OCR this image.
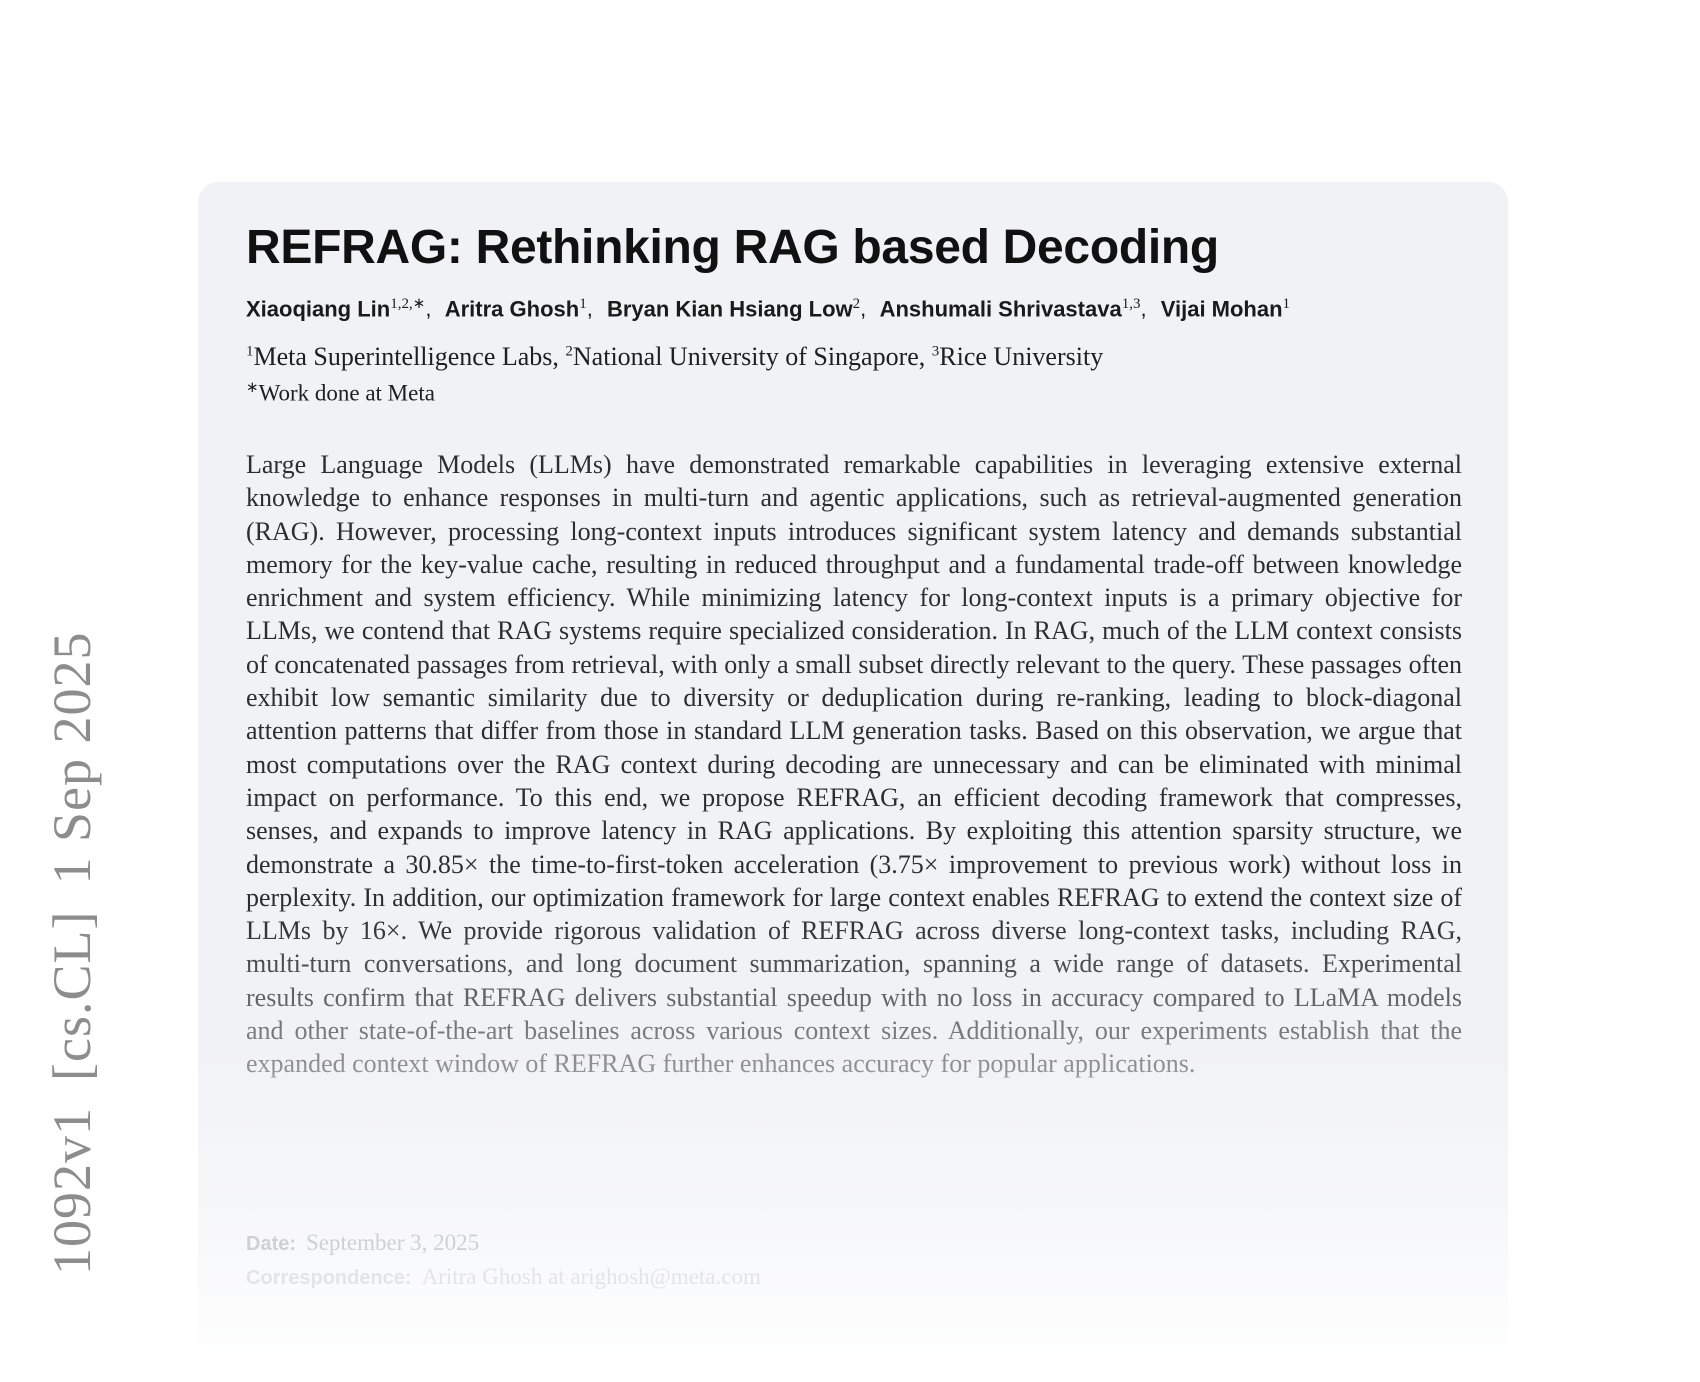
1092v1[cs.CL]1 Sep 2025
REFRAG: Rethinking RAG based Decoding
Xiaoqiang Lin$^{1,2,∗}$, Aritra Ghosh$^1$, Bryan Kian Hsiang Low$^2$, Anshumali Shrivastava$^{1,3}$, Vijai Mohan$^1$
$^1$Meta Superintelligence Labs, $^2$National University of Singapore, $^3$Rice University
∗Work done at Meta
Large Language Models (LLMs) have demonstrated remarkable capabilities in leveraging extensive external knowledge to enhance responses in multi-turn and agentic applications, such as retrieval-augmented generation (RAG). However, processing long-context inputs introduces significant system latency and demands substantial memory for the key-value cache, resulting in reduced throughput and a fundamental trade-off between knowledge enrichment and system efficiency. While minimizing latency for long-context inputs is a primary objective for LLMs, we contend that RAG systems require specialized consideration. In RAG, much of the LLM context consists of concatenated passages from retrieval, with only a small subset directly relevant to the query. These passages often exhibit low semantic similarity due to diversity or deduplication during re-ranking, leading to block-diagonal attention patterns that differ from those in standard LLM generation tasks. Based on this observation, we argue that most computations over the RAG context during decoding are unnecessary and can be eliminated with minimal impact on performance. To this end, we propose REFRAG, an efficient decoding framework that compresses, senses, and expands to improve latency in RAG applications. By exploiting this attention sparsity structure, we demonstrate a 30.85× the time-to-first-token acceleration (3.75× improvement to previous work) without loss in perplexity. In addition, our optimization framework for large context enables REFRAG to extend the context size of LLMs by 16×. We provide rigorous validation of REFRAG across diverse long-context tasks, including RAG, multi-turn conversations, and long document summarization, spanning a wide range of datasets. Experimental results confirm that REFRAG delivers substantial speedup with no loss in accuracy compared to LLaMA models and other state-of-the-art baselines across various context sizes. Additionally, our experiments establish that the expanded context window of REFRAG further enhances accuracy for popular applications.
Date: September 3, 2025
Correspondence: Aritra Ghosh at arighosh@meta.com
